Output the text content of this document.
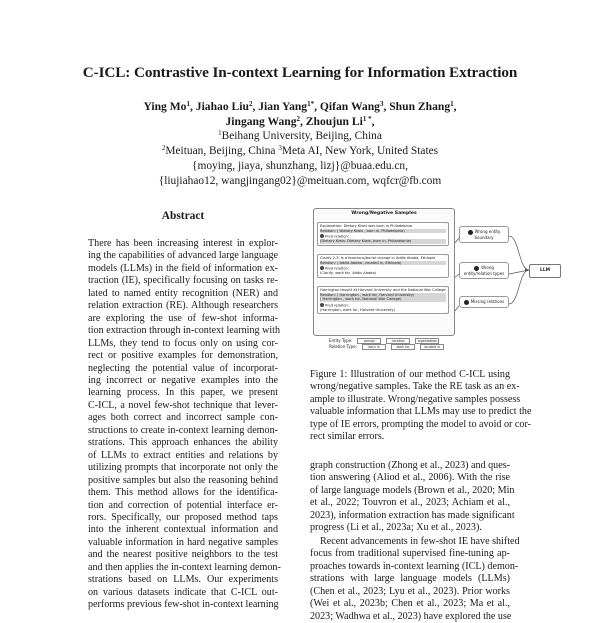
C-ICL: Contrastive In-context Learning for Information Extraction
Ying Mo$^1$, Jiahao Liu$^2$, Jian Yang$^{1*}$, Qifan Wang$^3$, Shun Zhang$^1$,
Jingang Wang$^2$, Zhoujun $Li^{1 *}$,
$^1$Beihang University, Beijing, China
$^2$Meituan, Beijing, China $^3$Meta AI, New York, United States
{moying, jiaya, shunzhang, lizj}@buaa.edu.cn,
{liujiahao12, wangjingang02}@meituan.com, wqfcr@fb.com
Abstract
There has been increasing interest in explor-
ing the capabilities of advanced large language
models (LLMs) in the field of information ex-
traction (IE), specifically focusing on tasks re-
lated to named entity recognition (NER) and
relation extraction (RE). Although researchers
are exploring the use of few-shot informa-
tion extraction through in-context learning with
LLMs, they tend to focus only on using cor-
rect or positive examples for demonstration,
neglecting the potential value of incorporat-
ing incorrect or negative examples into the
learning process. In this paper, we present
C-ICL, a novel few-shot technique that lever-
ages both correct and incorrect sample con-
structions to create in-context learning demon-
strations. This approach enhances the ability
of LLMs to extract entities and relations by
utilizing prompts that incorporate not only the
positive samples but also the reasoning behind
them. This method allows for the identifica-
tion and correction of potential interface er-
rors. Specifically, our proposed method taps
into the inherent contextual information and
valuable information in hard negative samples
and the nearest positive neighbors to the test
and then applies the in-context learning demon-
strations based on LLMs. Our experiments
on various datasets indicate that C-ICL out-
performs previous few-shot in-context learning
Wrong/Negative Samples
Explanation: Dietary Kiwis was born in Philadelphia
Relation: ( Dietary Kiwis , born in, Philadelphia)
Pred relation:
(Dietary Kiwis: Dietary Kiwis, born in, Philadelphia)
Clarify 2-3, is a ferocious/burial change in Addis Ababa, Ethiopia
Relation: ( Addis Ababa , located in, Ethiopia)
Pred relation:
(Clarify, work for, Addis Ababa)
Harrington taught at Harvard University and the National War College
Relation: ( Harrington , work for, Harvard University)
( Harrington , work for, National War College)
Pred relation:
(Harrington, work for, Harvard University)
Wrong entity boundary
Wrong entity/relation types
Missing relations
LLM
Entity Type:	person	location	organization
Relation Type:	born in	work for	located in
Figure 1: Illustration of our method C-ICL using
wrong/negative samples. Take the RE task as an ex-
ample to illustrate. Wrong/negative samples possess
valuable information that LLMs may use to predict the
type of IE errors, prompting the model to avoid or cor-
rect similar errors.
graph construction (Zhong et al., 2023) and ques-
tion answering (Aliod et al., 2006). With the rise
of large language models (Brown et al., 2020; Min
et al., 2022; Touvron et al., 2023; Achiam et al.,
2023), information extraction has made significant
progress (Li et al., 2023a; Xu et al., 2023).
Recent advancements in few-shot IE have shifted
focus from traditional supervised fine-tuning ap-
proaches towards in-context learning (ICL) demon-
strations with large language models (LLMs)
(Chen et al., 2023; Lyu et al., 2023). Prior works
(Wei et al., 2023b; Chen et al., 2023; Ma et al.,
2023; Wadhwa et al., 2023) have explored the use
